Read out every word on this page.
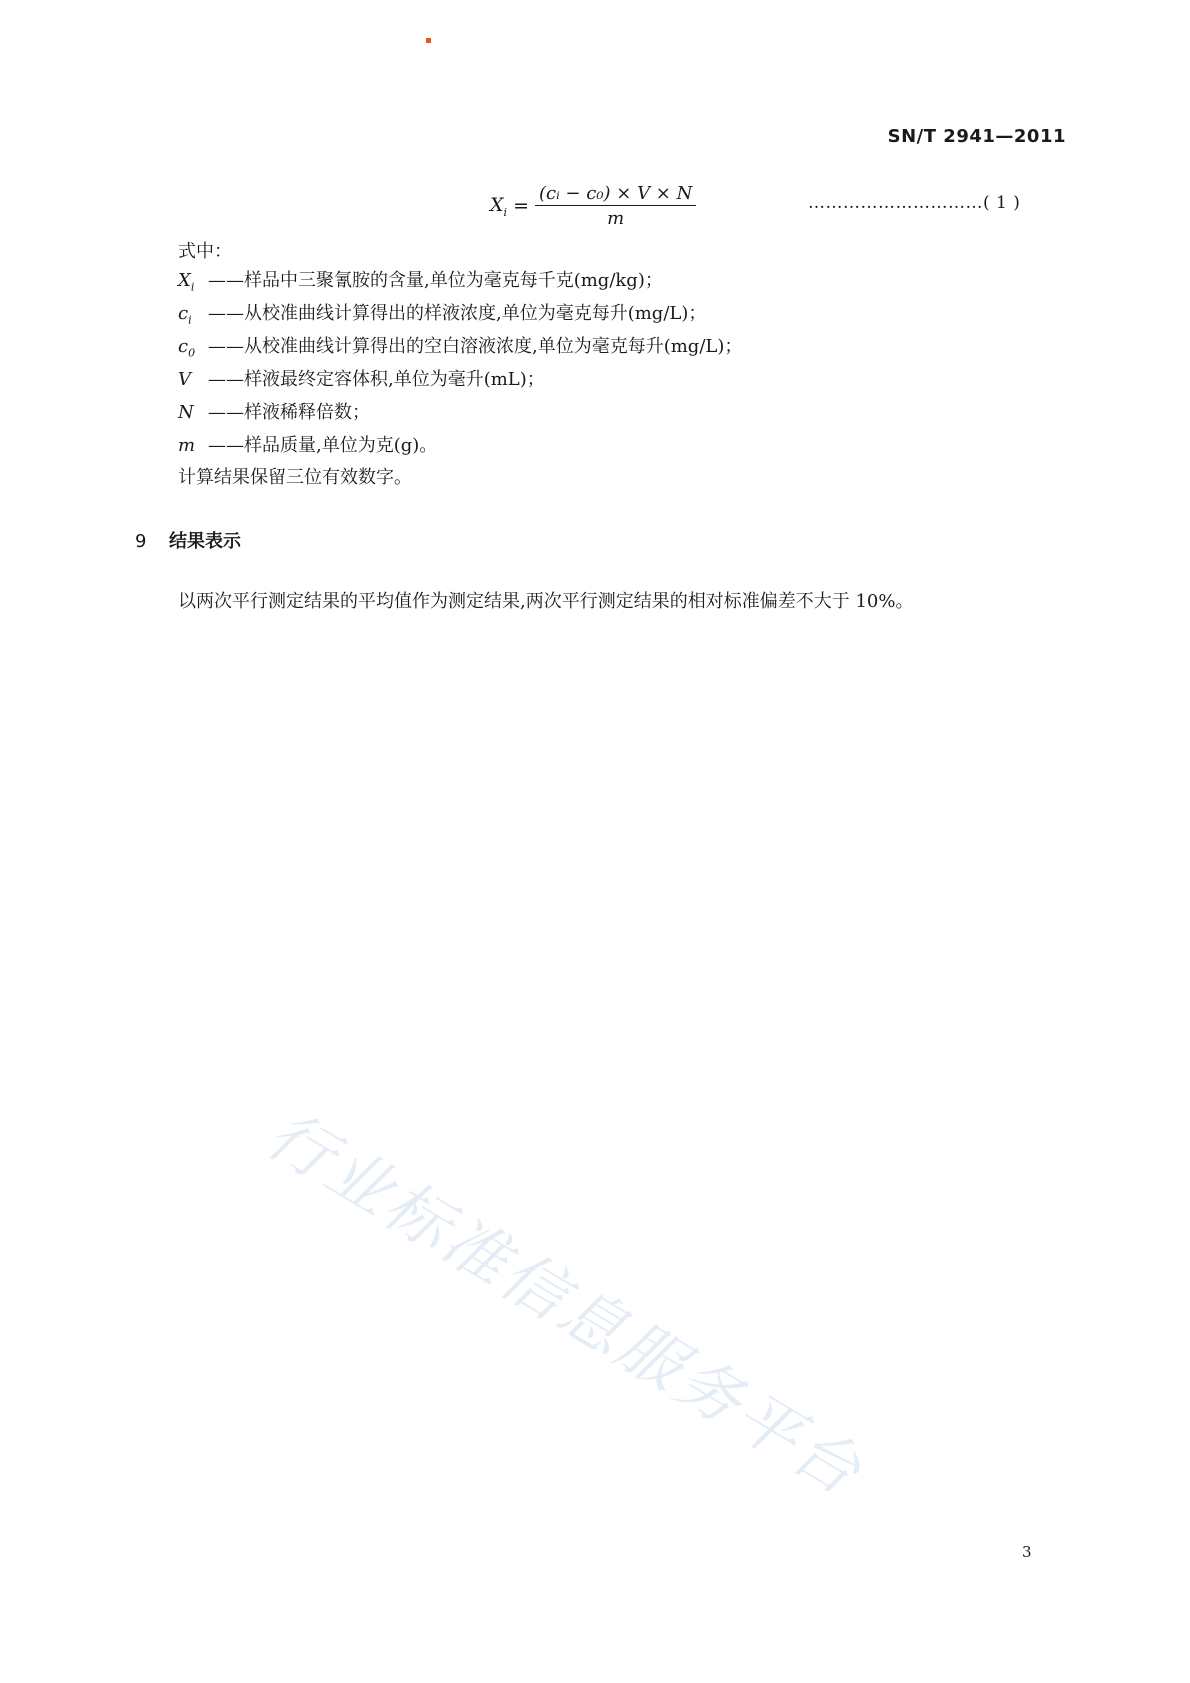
SN/T 2941—2011
$X_i = \frac{\text{(cᵢ − c₀) × V × N}}{m}$	…………………………( 1 )
式中：
$X_i$ ——样品中三聚氰胺的含量,单位为毫克每千克(mg/kg)；
$c_i$ ——从校准曲线计算得出的样液浓度,单位为毫克每升(mg/L)；
$c_0$ ——从校准曲线计算得出的空白溶液浓度,单位为毫克每升(mg/L)；
V ——样液最终定容体积,单位为毫升(mL)；
N ——样液稀释倍数；
m ——样品质量,单位为克(g)。
计算结果保留三位有效数字。
9 结果表示
以两次平行测定结果的平均值作为测定结果,两次平行测定结果的相对标准偏差不大于 10%。
行业标准信息服务平台
3
